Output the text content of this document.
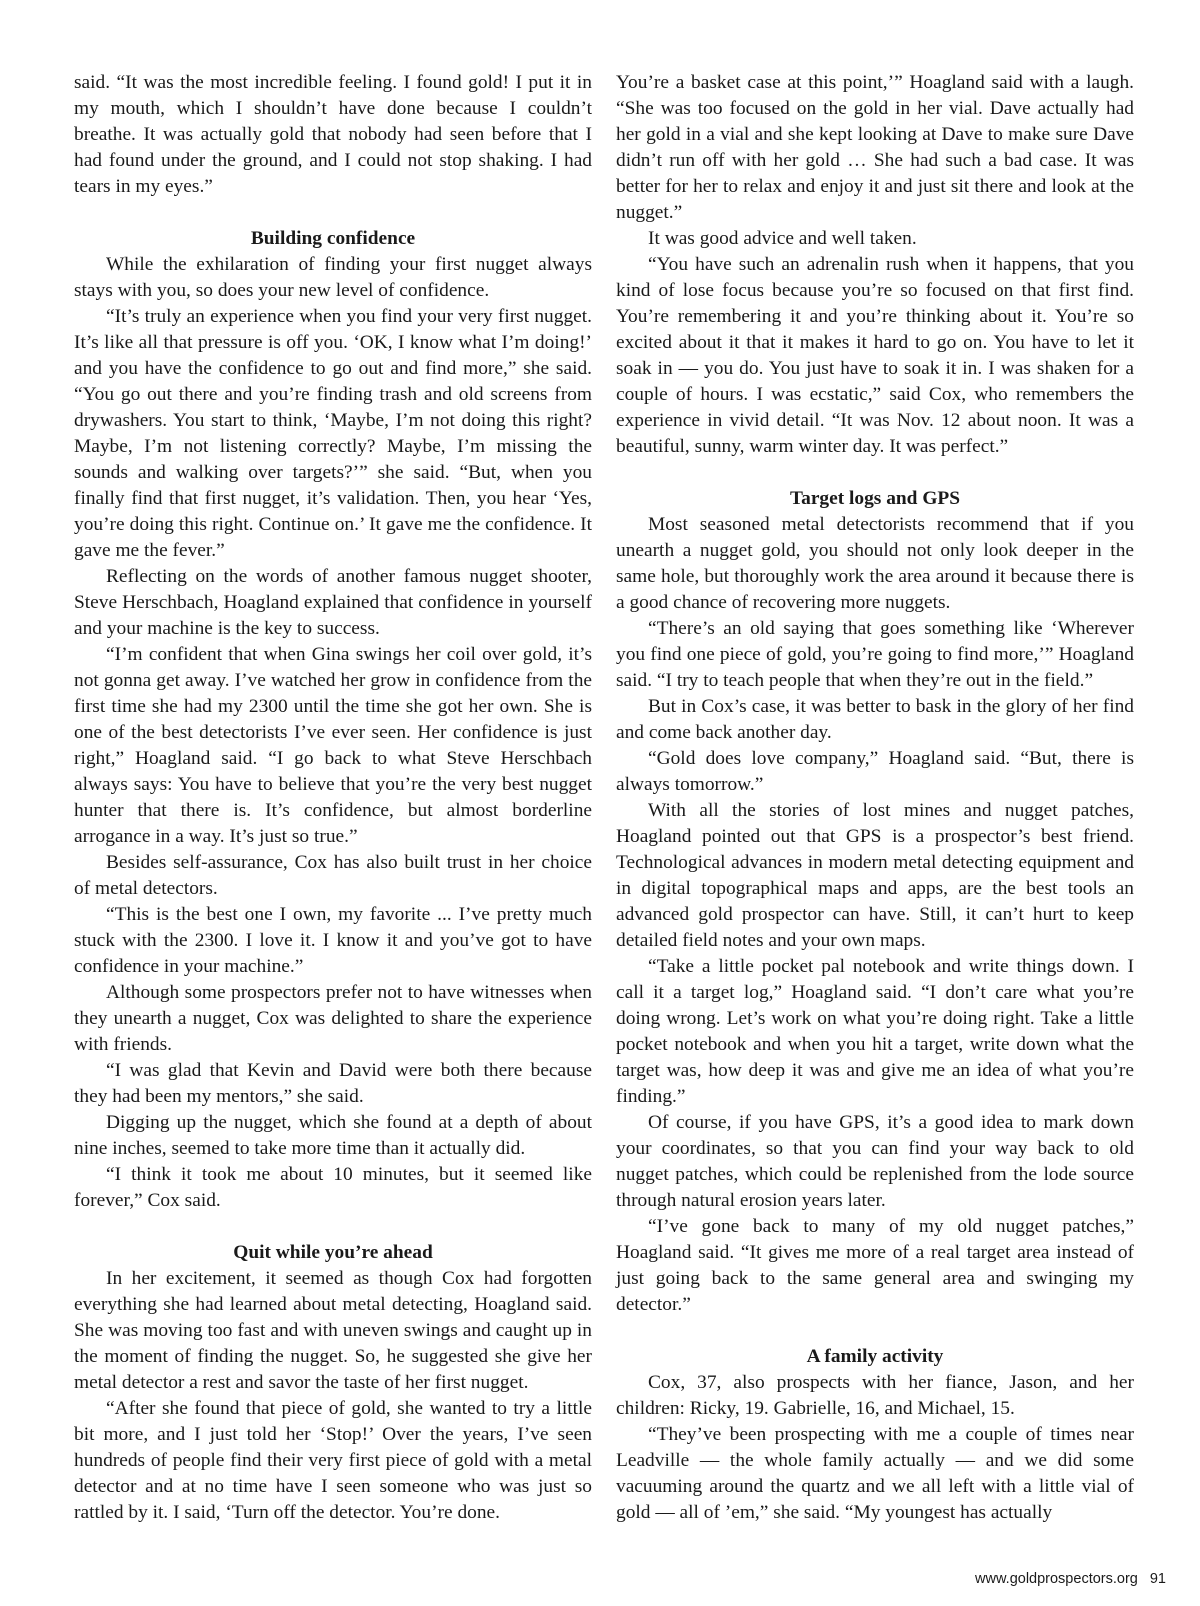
said. “It was the most incredible feeling. I found gold! I put it in my mouth, which I shouldn’t have done because I couldn’t breathe. It was actually gold that nobody had seen before that I had found under the ground, and I could not stop shaking. I had tears in my eyes.”

Building confidence

While the exhilaration of finding your first nugget always stays with you, so does your new level of confidence.

“It’s truly an experience when you find your very first nugget. It’s like all that pressure is off you. ‘OK, I know what I’m doing!’ and you have the confidence to go out and find more,” she said. “You go out there and you’re finding trash and old screens from drywashers. You start to think, ‘Maybe, I’m not doing this right? Maybe, I’m not listening correctly? Maybe, I’m missing the sounds and walking over targets?’” she said. “But, when you finally find that first nugget, it’s validation. Then, you hear ‘Yes, you’re doing this right. Continue on.’ It gave me the confidence. It gave me the fever.”

Reflecting on the words of another famous nugget shooter, Steve Herschbach, Hoagland explained that confidence in yourself and your machine is the key to success.

“I’m confident that when Gina swings her coil over gold, it’s not gonna get away. I’ve watched her grow in confidence from the first time she had my 2300 until the time she got her own. She is one of the best detectorists I’ve ever seen. Her confidence is just right,” Hoagland said. “I go back to what Steve Herschbach always says: You have to believe that you’re the very best nugget hunter that there is. It’s confidence, but almost borderline arrogance in a way. It’s just so true.”

Besides self-assurance, Cox has also built trust in her choice of metal detectors.

“This is the best one I own, my favorite ... I’ve pretty much stuck with the 2300. I love it. I know it and you’ve got to have confidence in your machine.”

Although some prospectors prefer not to have witnesses when they unearth a nugget, Cox was delighted to share the experience with friends.

“I was glad that Kevin and David were both there because they had been my mentors,” she said.

Digging up the nugget, which she found at a depth of about nine inches, seemed to take more time than it actually did.

“I think it took me about 10 minutes, but it seemed like forever,” Cox said.

Quit while you’re ahead

In her excitement, it seemed as though Cox had forgotten everything she had learned about metal detecting, Hoagland said. She was moving too fast and with uneven swings and caught up in the moment of finding the nugget. So, he suggested she give her metal detector a rest and savor the taste of her first nugget.

“After she found that piece of gold, she wanted to try a little bit more, and I just told her ‘Stop!’ Over the years, I’ve seen hundreds of people find their very first piece of gold with a metal detector and at no time have I seen someone who was just so rattled by it. I said, ‘Turn off the detector. You’re done.

You’re a basket case at this point,’” Hoagland said with a laugh. “She was too focused on the gold in her vial. Dave actually had her gold in a vial and she kept looking at Dave to make sure Dave didn’t run off with her gold … She had such a bad case. It was better for her to relax and enjoy it and just sit there and look at the nugget.”

It was good advice and well taken.

“You have such an adrenalin rush when it happens, that you kind of lose focus because you’re so focused on that first find. You’re remembering it and you’re thinking about it. You’re so excited about it that it makes it hard to go on. You have to let it soak in — you do. You just have to soak it in. I was shaken for a couple of hours. I was ecstatic,” said Cox, who remembers the experience in vivid detail. “It was Nov. 12 about noon. It was a beautiful, sunny, warm winter day. It was perfect.”

Target logs and GPS

Most seasoned metal detectorists recommend that if you unearth a nugget gold, you should not only look deeper in the same hole, but thoroughly work the area around it because there is a good chance of recovering more nuggets.

“There’s an old saying that goes something like ‘Wherever you find one piece of gold, you’re going to find more,’” Hoagland said. “I try to teach people that when they’re out in the field.”

But in Cox’s case, it was better to bask in the glory of her find and come back another day.

“Gold does love company,” Hoagland said. “But, there is always tomorrow.”

With all the stories of lost mines and nugget patches, Hoagland pointed out that GPS is a prospector’s best friend. Technological advances in modern metal detecting equipment and in digital topographical maps and apps, are the best tools an advanced gold prospector can have. Still, it can’t hurt to keep detailed field notes and your own maps.

“Take a little pocket pal notebook and write things down. I call it a target log,” Hoagland said. “I don’t care what you’re doing wrong. Let’s work on what you’re doing right. Take a little pocket notebook and when you hit a target, write down what the target was, how deep it was and give me an idea of what you’re finding.”

Of course, if you have GPS, it’s a good idea to mark down your coordinates, so that you can find your way back to old nugget patches, which could be replenished from the lode source through natural erosion years later.

“I’ve gone back to many of my old nugget patches,” Hoagland said. “It gives me more of a real target area instead of just going back to the same general area and swinging my detector.”

A family activity

Cox, 37, also prospects with her fiance, Jason, and her children: Ricky, 19. Gabrielle, 16, and Michael, 15.

“They’ve been prospecting with me a couple of times near Leadville — the whole family actually — and we did some vacuuming around the quartz and we all left with a little vial of gold — all of ’em,” she said. “My youngest has actually

www.goldprospectors.org 91
